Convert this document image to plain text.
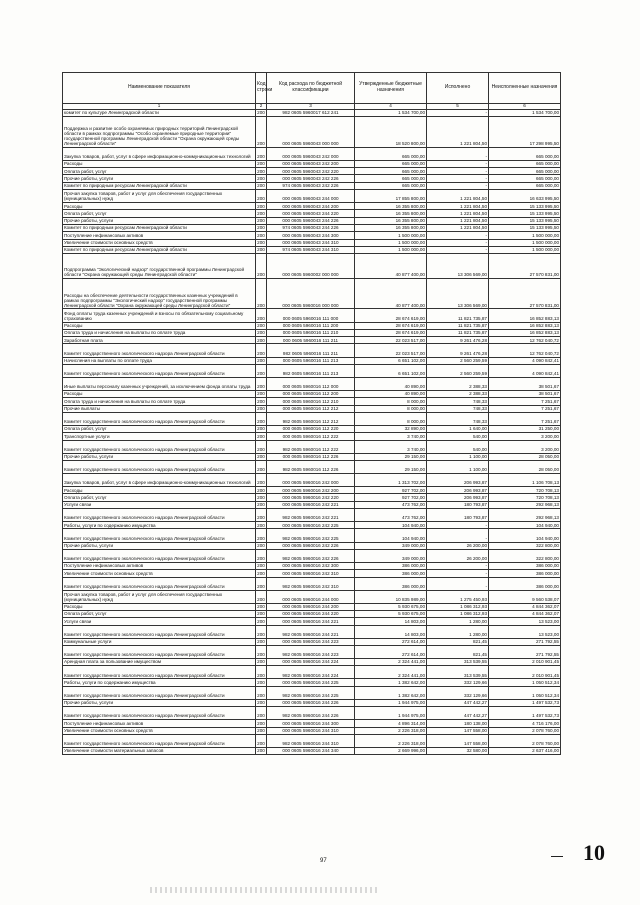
Наименование показателя	Код строки	Код расхода по бюджетной классификации	Утвержденные бюджетные назначения	Исполнено	Неисполненные назначения
1	2	3	4	5	6
комитет по культуре Ленинградской области	200	982 0605 5960017 612 241	1 534 700,00	-	1 534 700,00
Поддержка и развитие особо охраняемых природных территорий Ленинградской области в рамках подпрограммы "Особо охраняемые природные территории" государственной программы Ленинградской области "Охрана окружающей среды Ленинградской области"	200	000 0605 5960043 000 000	18 520 800,00	1 221 804,50	17 298 995,50
Закупка товаров, работ, услуг в сфере информационно-коммуникационных технологий	200	000 0605 5960043 242 000	665 000,00	-	665 000,00
Расходы	200	000 0605 5960043 242 200	665 000,00	-	665 000,00
Оплата работ, услуг	200	000 0605 5960043 242 220	665 000,00	-	665 000,00
Прочие работы, услуги	200	000 0605 5960043 242 226	665 000,00	-	665 000,00
Комитет по природным ресурсам Ленинградской области	200	974 0605 5960043 242 226	665 000,00	-	665 000,00
Прочая закупка товаров, работ и услуг для обеспечения государственных (муниципальных) нужд	200	000 0605 5960043 244 000	17 855 800,00	1 221 804,50	16 633 995,50
Расходы	200	000 0605 5960043 244 200	16 355 800,00	1 221 804,50	15 133 995,50
Оплата работ, услуг	200	000 0605 5960043 244 220	16 355 800,00	1 221 804,50	15 133 995,50
Прочие работы, услуги	200	000 0605 5960043 244 226	16 355 800,00	1 221 804,50	15 133 995,50
Комитет по природным ресурсам Ленинградской области	200	974 0605 5960043 244 226	16 355 800,00	1 221 804,50	15 133 995,50
Поступление нефинансовых активов	200	000 0605 5960043 244 300	1 500 000,00	-	1 500 000,00
Увеличение стоимости основных средств	200	000 0605 5960043 244 310	1 500 000,00	-	1 500 000,00
Комитет по природным ресурсам Ленинградской области	200	974 0605 5960043 244 310	1 500 000,00	-	1 500 000,00
Подпрограмма "Экологический надзор" государственной программы Ленинградской области "Охрана окружающей среды Ленинградской области"	200	000 0605 5960002 000 000	40 877 400,00	13 306 569,00	27 570 831,00
Расходы на обеспечение деятельности государственных казенных учреждений в рамках подпрограммы "Экологический надзор" государственной программы Ленинградской области "Охрана окружающей среды Ленинградской области"	200	000 0605 5960016 000 000	40 877 400,00	13 306 569,00	27 570 831,00
Фонд оплаты труда казенных учреждений и взносы по обязательному социальному страхованию	200	000 0605 5960016 111 000	28 674 619,00	11 821 735,87	16 852 883,13
Расходы	200	000 0605 5960016 111 200	28 674 619,00	11 821 735,87	16 852 883,13
Оплата труда и начисления на выплаты по оплате труда	200	000 0605 5960016 111 210	28 674 619,00	11 821 735,87	16 852 883,13
Заработная плата	200	000 0605 5960016 111 211	22 023 517,00	9 261 476,28	12 762 040,72
Комитет государственного экологического надзора Ленинградской области	200	982 0605 5960016 111 211	22 023 517,00	9 261 476,28	12 762 040,72
Начисления на выплаты по оплате труда	200	000 0605 5960016 111 213	6 651 102,00	2 560 259,59	4 090 842,41
Комитет государственного экологического надзора Ленинградской области	200	982 0605 5960016 111 213	6 651 102,00	2 560 259,59	4 090 842,41
Иные выплаты персоналу казенных учреждений, за исключением фонда оплаты труда	200	000 0605 5960016 112 000	40 890,00	2 388,33	38 501,67
Расходы	200	000 0605 5960016 112 200	40 890,00	2 388,33	38 501,67
Оплата труда и начисления на выплаты по оплате труда	200	000 0605 5960016 112 210	8 000,00	748,33	7 251,67
Прочие выплаты	200	000 0605 5960016 112 212	8 000,00	748,33	7 251,67
Комитет государственного экологического надзора Ленинградской области	200	982 0605 5960016 112 212	8 000,00	748,33	7 251,67
Оплата работ, услуг	200	000 0605 5960016 112 220	32 890,00	1 640,00	31 250,00
Транспортные услуги	200	000 0605 5960016 112 222	3 740,00	540,00	3 200,00
Комитет государственного экологического надзора Ленинградской области	200	982 0605 5960016 112 222	3 740,00	540,00	3 200,00
Прочие работы, услуги	200	000 0605 5960016 112 226	29 150,00	1 100,00	28 050,00
Комитет государственного экологического надзора Ленинградской области	200	982 0605 5960016 112 226	29 150,00	1 100,00	28 050,00
Закупка товаров, работ, услуг в сфере информационно-коммуникационных технологий	200	000 0605 5960016 242 000	1 313 702,00	206 993,87	1 106 708,13
Расходы	200	000 0605 5960016 242 200	927 702,00	206 993,87	720 708,13
Оплата работ, услуг	200	000 0605 5960016 242 220	927 702,00	206 993,87	720 708,13
Услуги связи	200	000 0605 5960016 242 221	473 762,00	180 793,87	292 968,13
Комитет государственного экологического надзора Ленинградской области	200	982 0605 5960016 242 221	473 762,00	180 793,87	292 968,13
Работы, услуги по содержанию имущества	200	000 0605 5960016 242 225	104 940,00	-	104 940,00
Комитет государственного экологического надзора Ленинградской области	200	982 0605 5960016 242 225	104 940,00	-	104 940,00
Прочие работы, услуги	200	000 0605 5960016 242 226	349 000,00	26 200,00	322 800,00
Комитет государственного экологического надзора Ленинградской области	200	982 0605 5960016 242 226	349 000,00	26 200,00	322 800,00
Поступление нефинансовых активов	200	000 0605 5960016 242 300	386 000,00	-	386 000,00
Увеличение стоимости основных средств	200	000 0605 5960016 242 310	386 000,00	-	386 000,00
Комитет государственного экологического надзора Ленинградской области	200	982 0605 5960016 242 310	386 000,00	-	386 000,00
Прочая закупка товаров, работ и услуг для обеспечения государственных (муниципальных) нужд	200	000 0605 5960016 244 000	10 835 989,00	1 275 450,93	9 560 538,07
Расходы	200	000 0605 5960016 244 200	5 930 675,00	1 086 312,93	4 844 362,07
Оплата работ, услуг	200	000 0605 5960016 244 220	5 930 675,00	1 086 312,93	4 844 362,07
Услуги связи	200	000 0605 5960016 244 221	14 803,00	1 280,00	13 523,00
Комитет государственного экологического надзора Ленинградской области	200	982 0605 5960016 244 221	14 803,00	1 280,00	13 523,00
Коммунальные услуги	200	000 0605 5960016 244 223	272 614,00	821,45	271 792,55
Комитет государственного экологического надзора Ленинградской области	200	982 0605 5960016 244 223	272 614,00	821,45	271 792,55
Арендная плата за пользование имуществом	200	000 0605 5960016 244 224	2 324 441,00	313 539,55	2 010 901,45
Комитет государственного экологического надзора Ленинградской области	200	982 0605 5960016 244 224	2 324 441,00	313 539,55	2 010 901,45
Работы, услуги по содержанию имущества	200	000 0605 5960016 244 225	1 382 642,00	332 129,66	1 050 512,34
Комитет государственного экологического надзора Ленинградской области	200	982 0605 5960016 244 225	1 382 642,00	332 129,66	1 050 512,34
Прочие работы, услуги	200	000 0605 5960016 244 226	1 944 975,00	447 442,27	1 497 532,73
Комитет государственного экологического надзора Ленинградской области	200	982 0605 5960016 244 226	1 944 975,00	447 442,27	1 497 532,73
Поступление нефинансовых активов	200	000 0605 5960016 244 300	4 896 314,00	180 138,00	4 716 176,00
Увеличение стоимости основных средств	200	000 0605 5960016 244 310	2 226 318,00	147 558,00	2 078 760,00
Комитет государственного экологического надзора Ленинградской области	200	982 0605 5960016 244 310	2 226 318,00	147 558,00	2 078 760,00
Увеличение стоимости материальных запасов	200	000 0605 5960016 244 340	2 669 996,00	32 580,00	2 637 416,00
97	10
